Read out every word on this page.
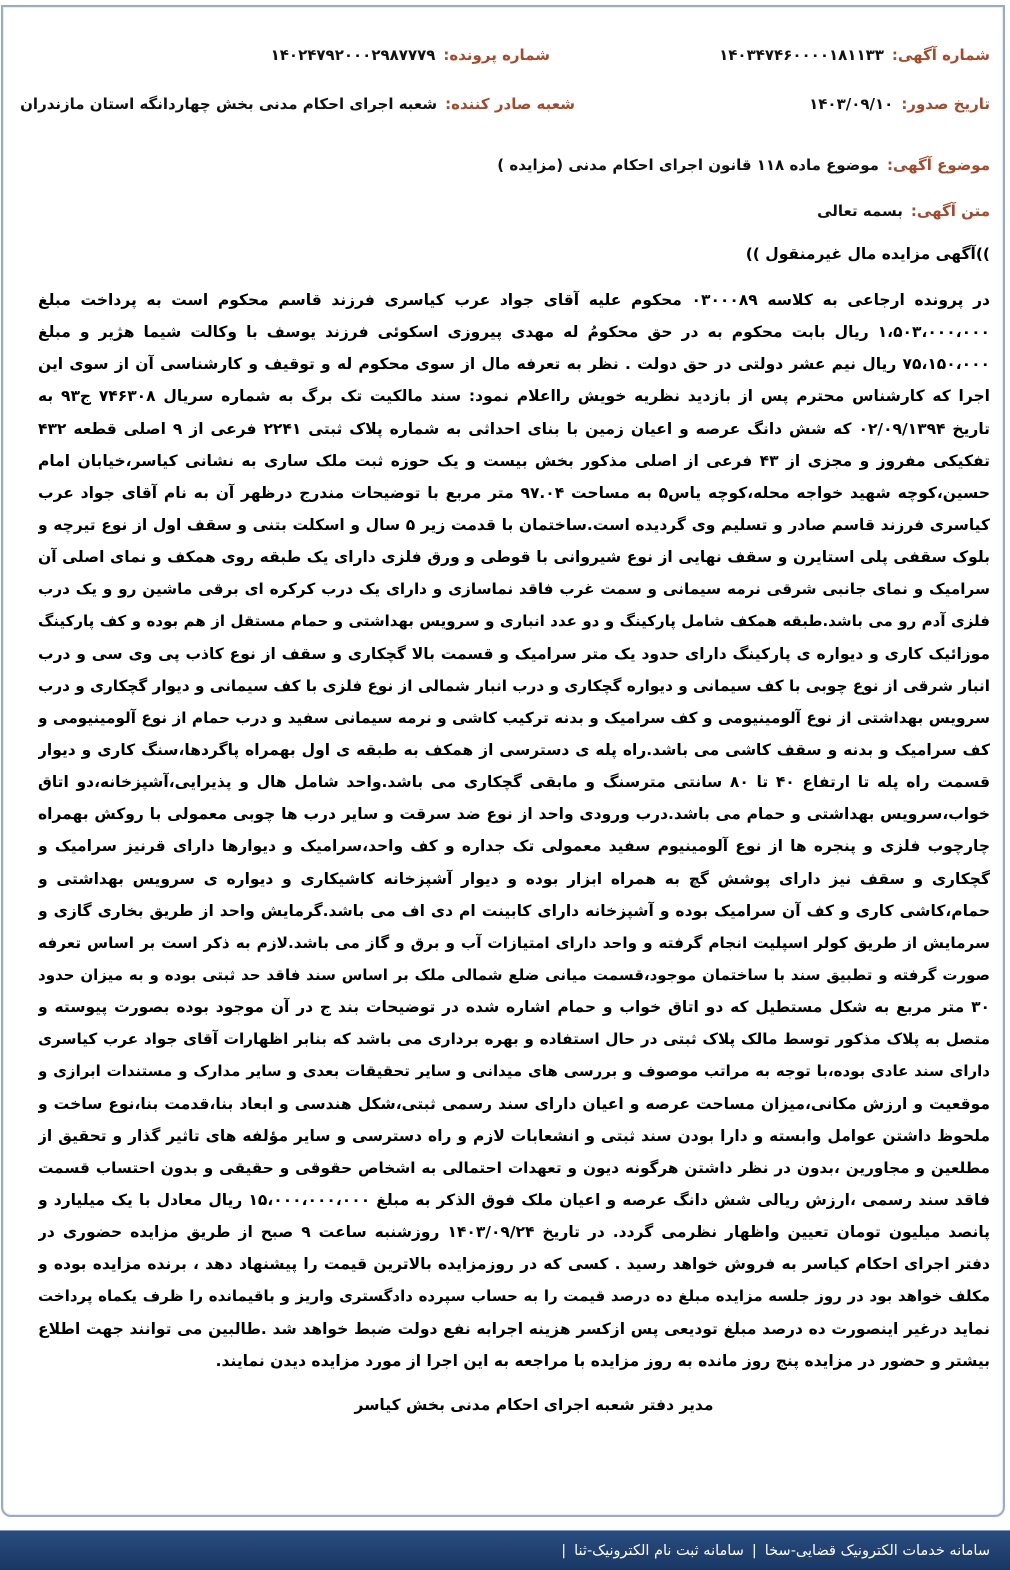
شماره آگهی:
۱۴۰۳۴۷۴۶۰۰۰۰۱۸۱۱۳۳
شماره پرونده:
۱۴۰۲۴۷۹۲۰۰۰۲۹۸۷۷۷۹
تاریخ صدور:
۱۴۰۳/۰۹/۱۰
شعبه صادر کننده:
شعبه اجرای احکام مدنی بخش چهاردانگه استان مازندران
موضوع آگهی:
موضوع ماده ۱۱۸ قانون اجرای احکام مدنی (مزایده )
متن آگهی:
بسمه تعالی
))آگهی مزایده مال غیرمنقول ))
در پرونده ارجاعی به کلاسه ۰۳۰۰۰۸۹ محکوم علیه آقای جواد عرب کیاسری فرزند قاسم محکوم است به پرداخت مبلغ
۱،۵۰۳،۰۰۰،۰۰۰ ریال بابت محکوم به در حق محکومُ له مهدی پیروزی اسکوئی فرزند یوسف با وکالت شیما هژیر و مبلغ
۷۵،۱۵۰،۰۰۰ ریال نیم عشر دولتی در حق دولت . نظر به تعرفه مال از سوی محکوم له و توقیف و کارشناسی آن از سوی این
اجرا که کارشناس محترم پس از بازدید نظریه خویش رااعلام نمود: سند مالکیت تک برگ به شماره سریال ۷۴۶۳۰۸ ج۹۳ به
تاریخ ۰۲/۰۹/۱۳۹۴ که شش دانگ عرصه و اعیان زمین با بنای احداثی به شماره پلاک ثبتی ۲۲۴۱ فرعی از ۹ اصلی قطعه ۴۳۲
تفکیکی مفروز و مجزی از ۴۳ فرعی از اصلی مذکور بخش بیست و یک حوزه ثبت ملک ساری به نشانی کیاسر،خیابان امام
حسین،کوچه شهید خواجه محله،کوچه یاس۵ به مساحت ۹۷.۰۴ متر مربع با توضیحات مندرج درظهر آن به نام آقای جواد عرب
کیاسری فرزند قاسم صادر و تسلیم وی گردیده است.ساختمان با قدمت زیر ۵ سال و اسکلت بتنی و سقف اول از نوع تیرچه و
بلوک سقفی پلی استایرن و سقف نهایی از نوع شیروانی با قوطی و ورق فلزی دارای یک طبقه روی همکف و نمای اصلی آن
سرامیک و نمای جانبی شرقی نرمه سیمانی و سمت غرب فاقد نماسازی و دارای یک درب کرکره ای برقی ماشین رو و یک درب
فلزی آدم رو می باشد.طبقه همکف شامل پارکینگ و دو عدد انباری و سرویس بهداشتی و حمام مستقل از هم بوده و کف پارکینگ
موزائیک کاری و دیواره ی پارکینگ دارای حدود یک متر سرامیک و قسمت بالا گچکاری و سقف از نوع کاذب پی وی سی و درب
انبار شرقی از نوع چوبی با کف سیمانی و دیواره گچکاری و درب انبار شمالی از نوع فلزی با کف سیمانی و دیوار گچکاری و درب
سرویس بهداشتی از نوع آلومینیومی و کف سرامیک و بدنه ترکیب کاشی و نرمه سیمانی سفید و درب حمام از نوع آلومینیومی و
کف سرامیک و بدنه و سقف کاشی می باشد.راه پله ی دسترسی از همکف به طبقه ی اول بهمراه پاگردها،سنگ کاری و دیوار
قسمت راه پله تا ارتفاع ۴۰ تا ۸۰ سانتی مترسنگ و مابقی گچکاری می باشد.واحد شامل هال و پذیرایی،آشپزخانه،دو اتاق
خواب،سرویس بهداشتی و حمام می باشد.درب ورودی واحد از نوع ضد سرقت و سایر درب ها چوبی معمولی با روکش بهمراه
چارچوب فلزی و پنجره ها از نوع آلومینیوم سفید معمولی تک جداره و کف واحد،سرامیک و دیوارها دارای قرنیز سرامیک و
گچکاری و سقف نیز دارای پوشش گچ به همراه ابزار بوده و دیوار آشپزخانه کاشیکاری و دیواره ی سرویس بهداشتی و
حمام،کاشی کاری و کف آن سرامیک بوده و آشپزخانه دارای کابینت ام دی اف می باشد.گرمایش واحد از طریق بخاری گازی و
سرمایش از طریق کولر اسپلیت انجام گرفته و واحد دارای امتیازات آب و برق و گاز می باشد.لازم به ذکر است بر اساس تعرفه
صورت گرفته و تطبیق سند با ساختمان موجود،قسمت میانی ضلع شمالی ملک بر اساس سند فاقد حد ثبتی بوده و به میزان حدود
۳۰ متر مربع به شکل مستطیل که دو اتاق خواب و حمام اشاره شده در توضیحات بند ج در آن موجود بوده بصورت پیوسته و
متصل به پلاک مذکور توسط مالک پلاک ثبتی در حال استفاده و بهره برداری می باشد که بنابر اظهارات آقای جواد عرب کیاسری
دارای سند عادی بوده،با توجه به مراتب موصوف و بررسی های میدانی و سایر تحقیقات بعدی و سایر مدارک و مستندات ابرازی و
موقعیت و ارزش مکانی،میزان مساحت عرصه و اعیان دارای سند رسمی ثبتی،شکل هندسی و ابعاد بنا،قدمت بنا،نوع ساخت و
ملحوظ داشتن عوامل وابسته و دارا بودن سند ثبتی و انشعابات لازم و راه دسترسی و سایر مؤلفه های تاثیر گذار و تحقیق از
مطلعین و مجاورین ،بدون در نظر داشتن هرگونه دیون و تعهدات احتمالی به اشخاص حقوقی و حقیقی و بدون احتساب قسمت
فاقد سند رسمی ،ارزش ریالی شش دانگ عرصه و اعیان ملک فوق الذکر به مبلغ ۱۵،۰۰۰،۰۰۰،۰۰۰ ریال معادل با یک میلیارد و
پانصد میلیون تومان تعیین واظهار نظرمی گردد. در تاریخ ۱۴۰۳/۰۹/۲۴ روزشنبه ساعت ۹ صبح از طریق مزایده حضوری در
دفتر اجرای احکام کیاسر به فروش خواهد رسید . کسی که در روزمزایده بالاترین قیمت را پیشنهاد دهد ، برنده مزایده بوده و
مکلف خواهد بود در روز جلسه مزایده مبلغ ده درصد قیمت را به حساب سپرده دادگستری واریز و باقیمانده را ظرف یکماه پرداخت
نماید درغیر اینصورت ده درصد مبلغ تودیعی پس ازکسر هزینه اجرابه نفع دولت ضبط خواهد شد .طالبین می توانند جهت اطلاع
بیشتر و حضور در مزایده پنج روز مانده به روز مزایده با مراجعه به این اجرا از مورد مزایده دیدن نمایند.
مدیر دفتر شعبه اجرای احکام مدنی بخش کیاسر
سامانه خدمات الکترونیک قضایی-سخا
|
سامانه ثبت نام الکترونیک-ثنا
|
